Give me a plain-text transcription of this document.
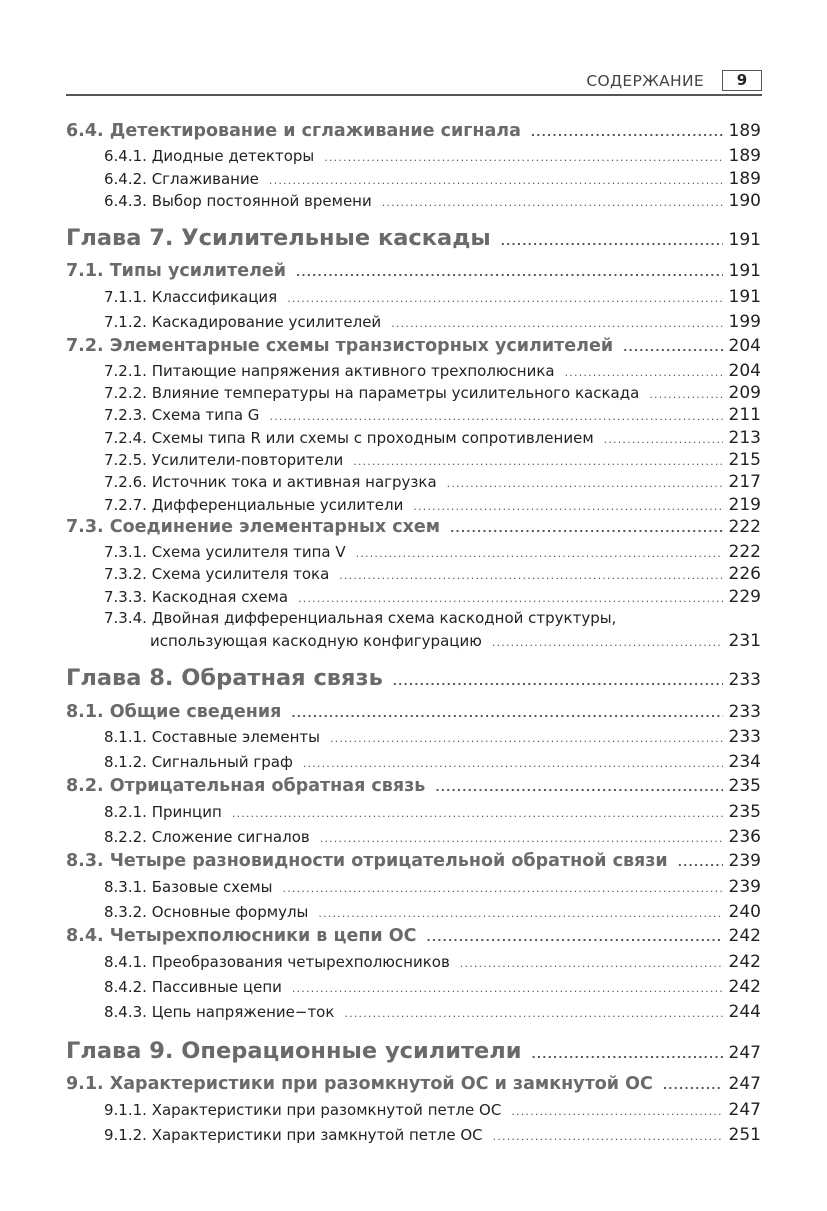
СОДЕРЖАНИЕ	9
6.4. Детектирование и сглаживание сигнала .....	189
6.4.1. Диодные детекторы .....	189
6.4.2. Сглаживание .....	189
6.4.3. Выбор постоянной времени .....	190
Глава 7. Усилительные каскады .....	191
7.1. Типы усилителей .....	191
7.1.1. Классификация .....	191
7.1.2. Каскадирование усилителей .....	199
7.2. Элементарные схемы транзисторных усилителей .....	204
7.2.1. Питающие напряжения активного трехполюсника .....	204
7.2.2. Влияние температуры на параметры усилительного каскада .....	209
7.2.3. Схема типа G .....	211
7.2.4. Схемы типа R или схемы с проходным сопротивлением .....	213
7.2.5. Усилители-повторители .....	215
7.2.6. Источник тока и активная нагрузка .....	217
7.2.7. Дифференциальные усилители .....	219
7.3. Соединение элементарных схем .....	222
7.3.1. Схема усилителя типа V .....	222
7.3.2. Схема усилителя тока .....	226
7.3.3. Каскодная схема .....	229
7.3.4. Двойная дифференциальная схема каскодной структуры,
использующая каскодную конфигурацию .....	231
Глава 8. Обратная связь .....	233
8.1. Общие сведения .....	233
8.1.1. Составные элементы .....	233
8.1.2. Сигнальный граф .....	234
8.2. Отрицательная обратная связь .....	235
8.2.1. Принцип .....	235
8.2.2. Сложение сигналов .....	236
8.3. Четыре разновидности отрицательной обратной связи .....	239
8.3.1. Базовые схемы .....	239
8.3.2. Основные формулы .....	240
8.4. Четырехполюсники в цепи ОС .....	242
8.4.1. Преобразования четырехполюсников .....	242
8.4.2. Пассивные цепи .....	242
8.4.3. Цепь напряжение−ток .....	244
Глава 9. Операционные усилители .....	247
9.1. Характеристики при разомкнутой ОС и замкнутой ОС .....	247
9.1.1. Характеристики при разомкнутой петле ОС .....	247
9.1.2. Характеристики при замкнутой петле ОС .....	251
